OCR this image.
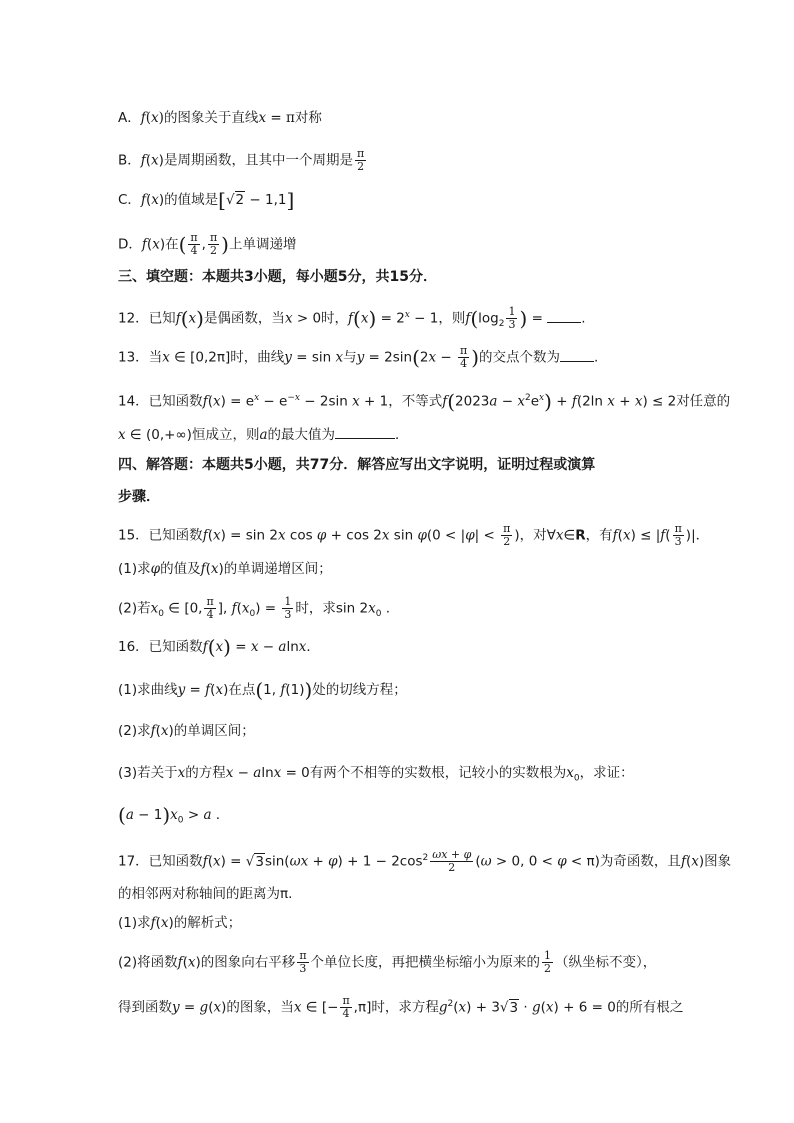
A．f(x)的图象关于直线x = π对称
B．f(x)是周期函数，且其中一个周期是 $\frac{\pi}{2}$
C．f(x)的值域是[√2 − 1,1]
D．f(x)在( $\frac{\pi}{4}$ , $\frac{\pi}{2}$ )上单调递增
三、填空题：本题共3小题，每小题5分，共15分．
12．已知f(x)是偶函数，当x > 0时，$f(x) = 2^x - 1$，则$f(\log_2 \frac{1}{3}$ ) =	.
13．当x ∈ [0,2π]时，曲线y = sin x与$y = 2\sin(2x - \frac{\pi}{4}$ )的交点个数为	.
14．已知函数$f(x) = e^x - e^{-x} - 2\sin$ x + 1，不等式$f(2023a - x^2e^x) + f(2\ln$ x + x) ≤ 2对任意的
x ∈ (0,+∞)恒成立，则a的最大值为	．
四、解答题：本题共5小题，共77分．解答应写出文字说明，证明过程或演算
步骤．
15．已知函数f(x) = sin 2x cos φ + cos 2x $\sin \varphi(0 < |\varphi| < \frac{\pi}{2}$ )，对∀x∈R，有$f(x) \le |f( \frac{\pi}{3}$ )|．
(1)求φ的值及f(x)的单调递增区间；
(2)若$x_0$ ∈ [0, $\frac{\pi}{4}$ ], $f(x_0) = \frac{1}{3}$ 时，求$\sin 2x_0$ .
16．已知函数f(x) = x − alnx．
(1)求曲线y = f(x)在点(1, f(1))处的切线方程；
(2)求f(x)的单调区间；
(3)若关于x的方程x − alnx = 0有两个不相等的实数根，记较小的实数根为$x_0$，求证：
$(a - 1)x_0 > a$ .
17．已知函数$f(x) = √3\sin(\omega x + \varphi) + 1 - 2\cos^2 \frac{\omega x + \varphi}{2} (\omega > 0$, 0 < φ < π)为奇函数，且f(x)图象
的相邻两对称轴间的距离为π.
(1)求f(x)的解析式；
(2)将函数f(x)的图象向右平移 $\frac{\pi}{3}$ 个单位长度，再把横坐标缩小为原来的 $\frac{1}{2}$ （纵坐标不变），
得到函数y = g(x)的图象，当x ∈ [− $\frac{\pi}{4} ,\pi$]时，求方程$g^2(x) + 3√3 \cdot g(x) + 6 = 0$的所有根之
